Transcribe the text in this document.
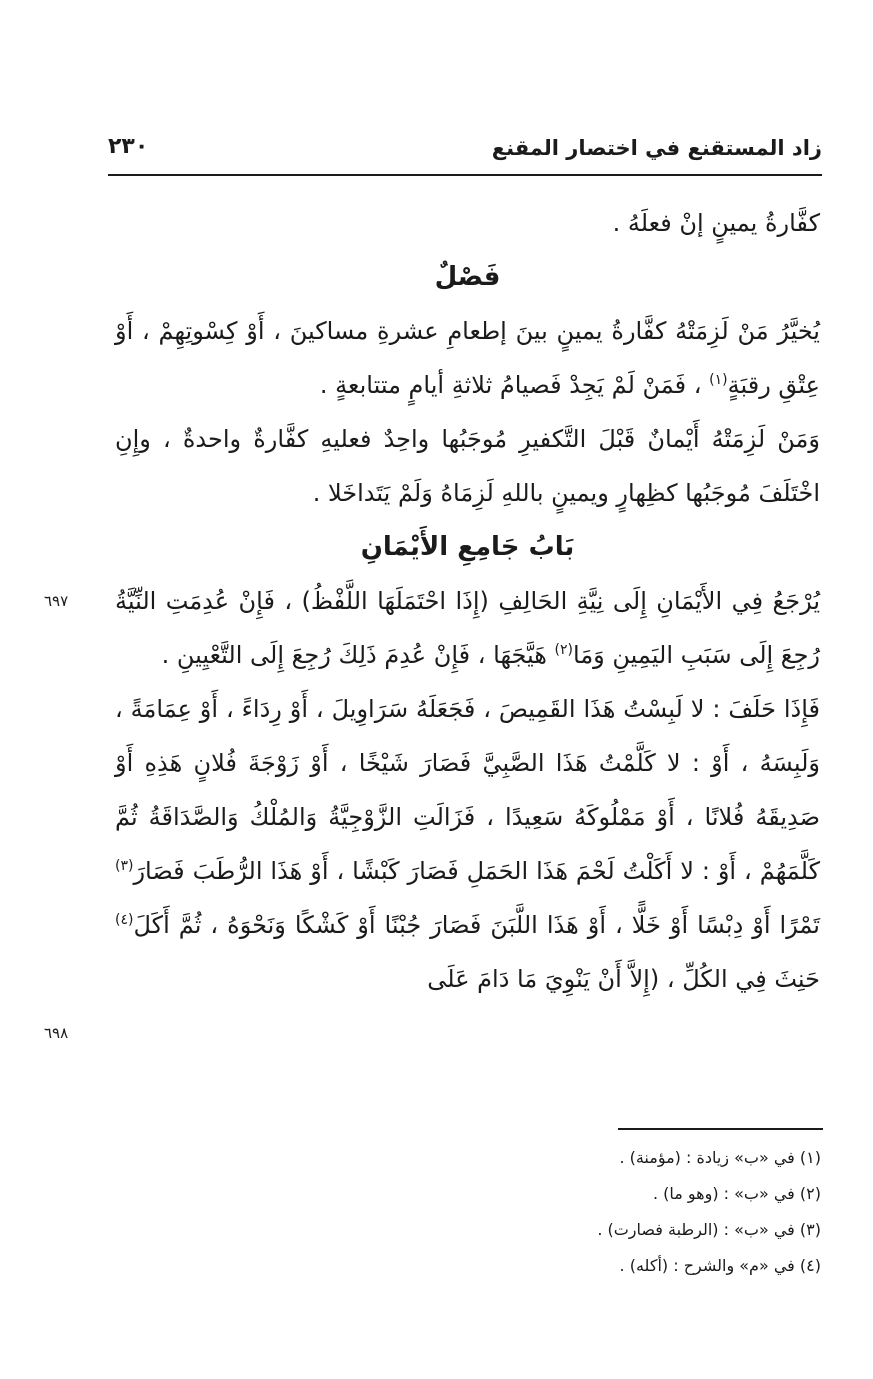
زاد المستقنع في اختصار المقنع
٢٣٠

كفَّارةُ يمينٍ إنْ فعلَهُ .

فَصْلٌ

يُخيَّرُ مَنْ لَزِمَتْهُ كفَّارةُ يمينٍ بينَ إطعامِ عشرةِ مساكينَ ، أَوْ كِسْوتِهِمْ ، أَوْ عِتْقِ رقبَةٍ$^{(١)}$ ، فَمَنْ لَمْ يَجِدْ فَصيامُ ثلاثةِ أيامٍ متتابعةٍ .

وَمَنْ لَزِمَتْهُ أَيْمانٌ قَبْلَ التَّكفيرِ مُوجَبُها واحِدٌ فعليهِ كفَّارةٌ واحدةٌ ، وإِنِ اخْتَلَفَ مُوجَبُها كظِهارٍ ويمينٍ باللهِ لَزِمَاهُ وَلَمْ يَتَداخَلا .

بَابُ جَامِعِ الأَيْمَانِ

يُرْجَعُ فِي الأَيْمَانِ إِلَى نِيَّةِ الحَالِفِ (إِذَا احْتَمَلَهَا اللَّفْظُ) ، فَإِنْ عُدِمَتِ النِّيَّةُ رُجِعَ إِلَى سَبَبِ اليَمِينِ وَمَا$^{(٢)}$ هَيَّجَهَا ، فَإِنْ عُدِمَ ذَلِكَ رُجِعَ إِلَى التَّعْيِينِ .

فَإِذَا حَلَفَ : لا لَبِسْتُ هَذَا القَمِيصَ ، فَجَعَلَهُ سَرَاوِيلَ ، أَوْ رِدَاءً ، أَوْ عِمَامَةً ، وَلَبِسَهُ ، أَوْ : لا كَلَّمْتُ هَذَا الصَّبِيَّ فَصَارَ شَيْخًا ، أَوْ زَوْجَةَ فُلانٍ هَذِهِ أَوْ صَدِيقَهُ فُلانًا ، أَوْ مَمْلُوكَهُ سَعِيدًا ، فَزَالَتِ الزَّوْجِيَّةُ وَالمُلْكُ وَالصَّدَاقَةُ ثُمَّ كَلَّمَهُمْ ، أَوْ : لا أَكَلْتُ لَحْمَ هَذَا الحَمَلِ فَصَارَ كَبْشًا ، أَوْ هَذَا الرُّطَبَ فَصَارَ$^{(٣)}$ تَمْرًا أَوْ دِبْسًا أَوْ خَلًّا ، أَوْ هَذَا اللَّبَنَ فَصَارَ جُبْنًا أَوْ كَشْكًا وَنَحْوَهُ ، ثُمَّ أَكَلَ$^{(٤)}$ حَنِثَ فِي الكُلِّ ، (إِلاَّ أَنْ يَنْوِيَ مَا دَامَ عَلَى

٦٩٧
٦٩٨
(١) في «ب» زيادة : (مؤمنة) .
(٢) في «ب» : (وهو ما) .
(٣) في «ب» : (الرطبة فصارت) .
(٤) في «م» والشرح : (أكله) .
